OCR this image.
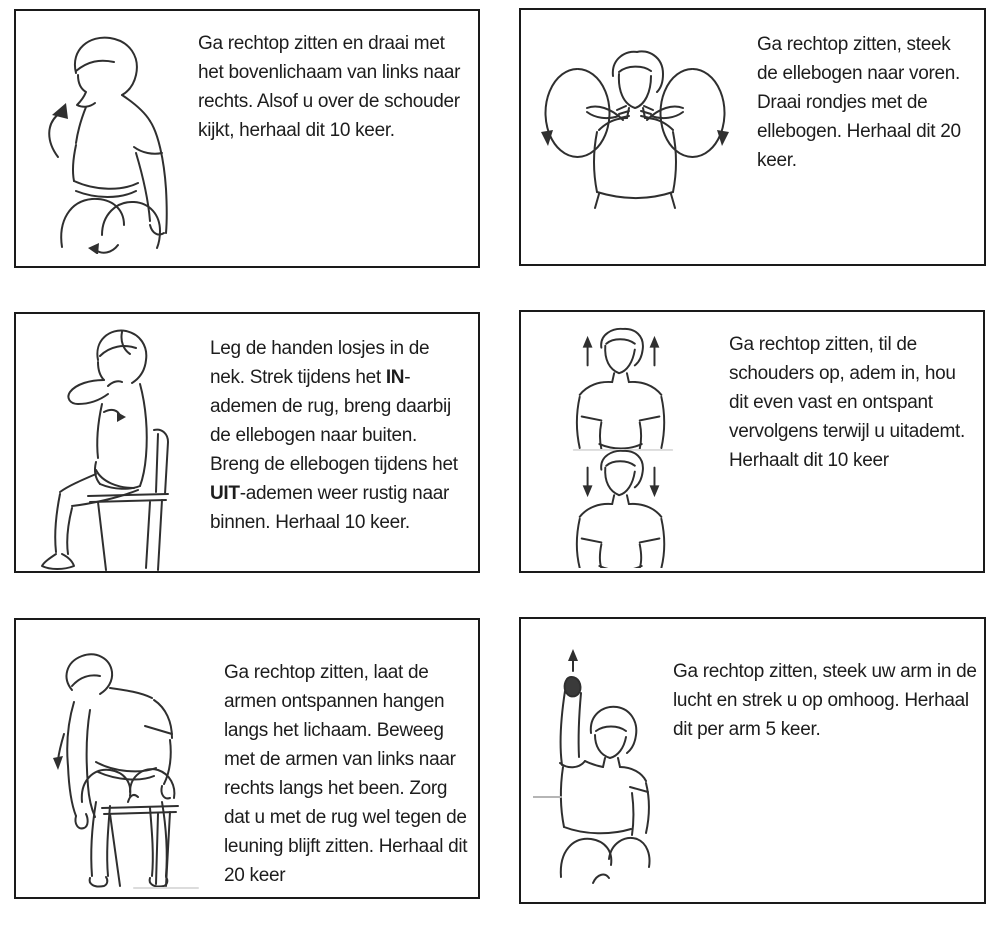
Ga rechtop zitten en draai met het bovenlichaam van links naar rechts. Alsof u over de schouder kijkt, herhaal dit 10 keer.

Ga rechtop zitten, steek de ellebogen naar voren. Draai rondjes met de ellebogen. Herhaal dit 20 keer.

Leg de handen losjes in de nek. Strek tijdens het IN-ademen de rug, breng daarbij de ellebogen naar buiten. Breng de ellebogen tijdens het UIT-ademen weer rustig naar binnen. Herhaal 10 keer.

Ga rechtop zitten, til de schouders op, adem in, hou dit even vast en ontspant vervolgens terwijl u uitademt. Herhaalt dit 10 keer

Ga rechtop zitten, laat de armen ontspannen hangen langs het lichaam. Beweeg met de armen van links naar rechts langs het been. Zorg dat u met de rug wel tegen de leuning blijft zitten. Herhaal dit 20 keer

Ga rechtop zitten, steek uw arm in de lucht en strek u op omhoog. Herhaal dit per arm 5 keer.
